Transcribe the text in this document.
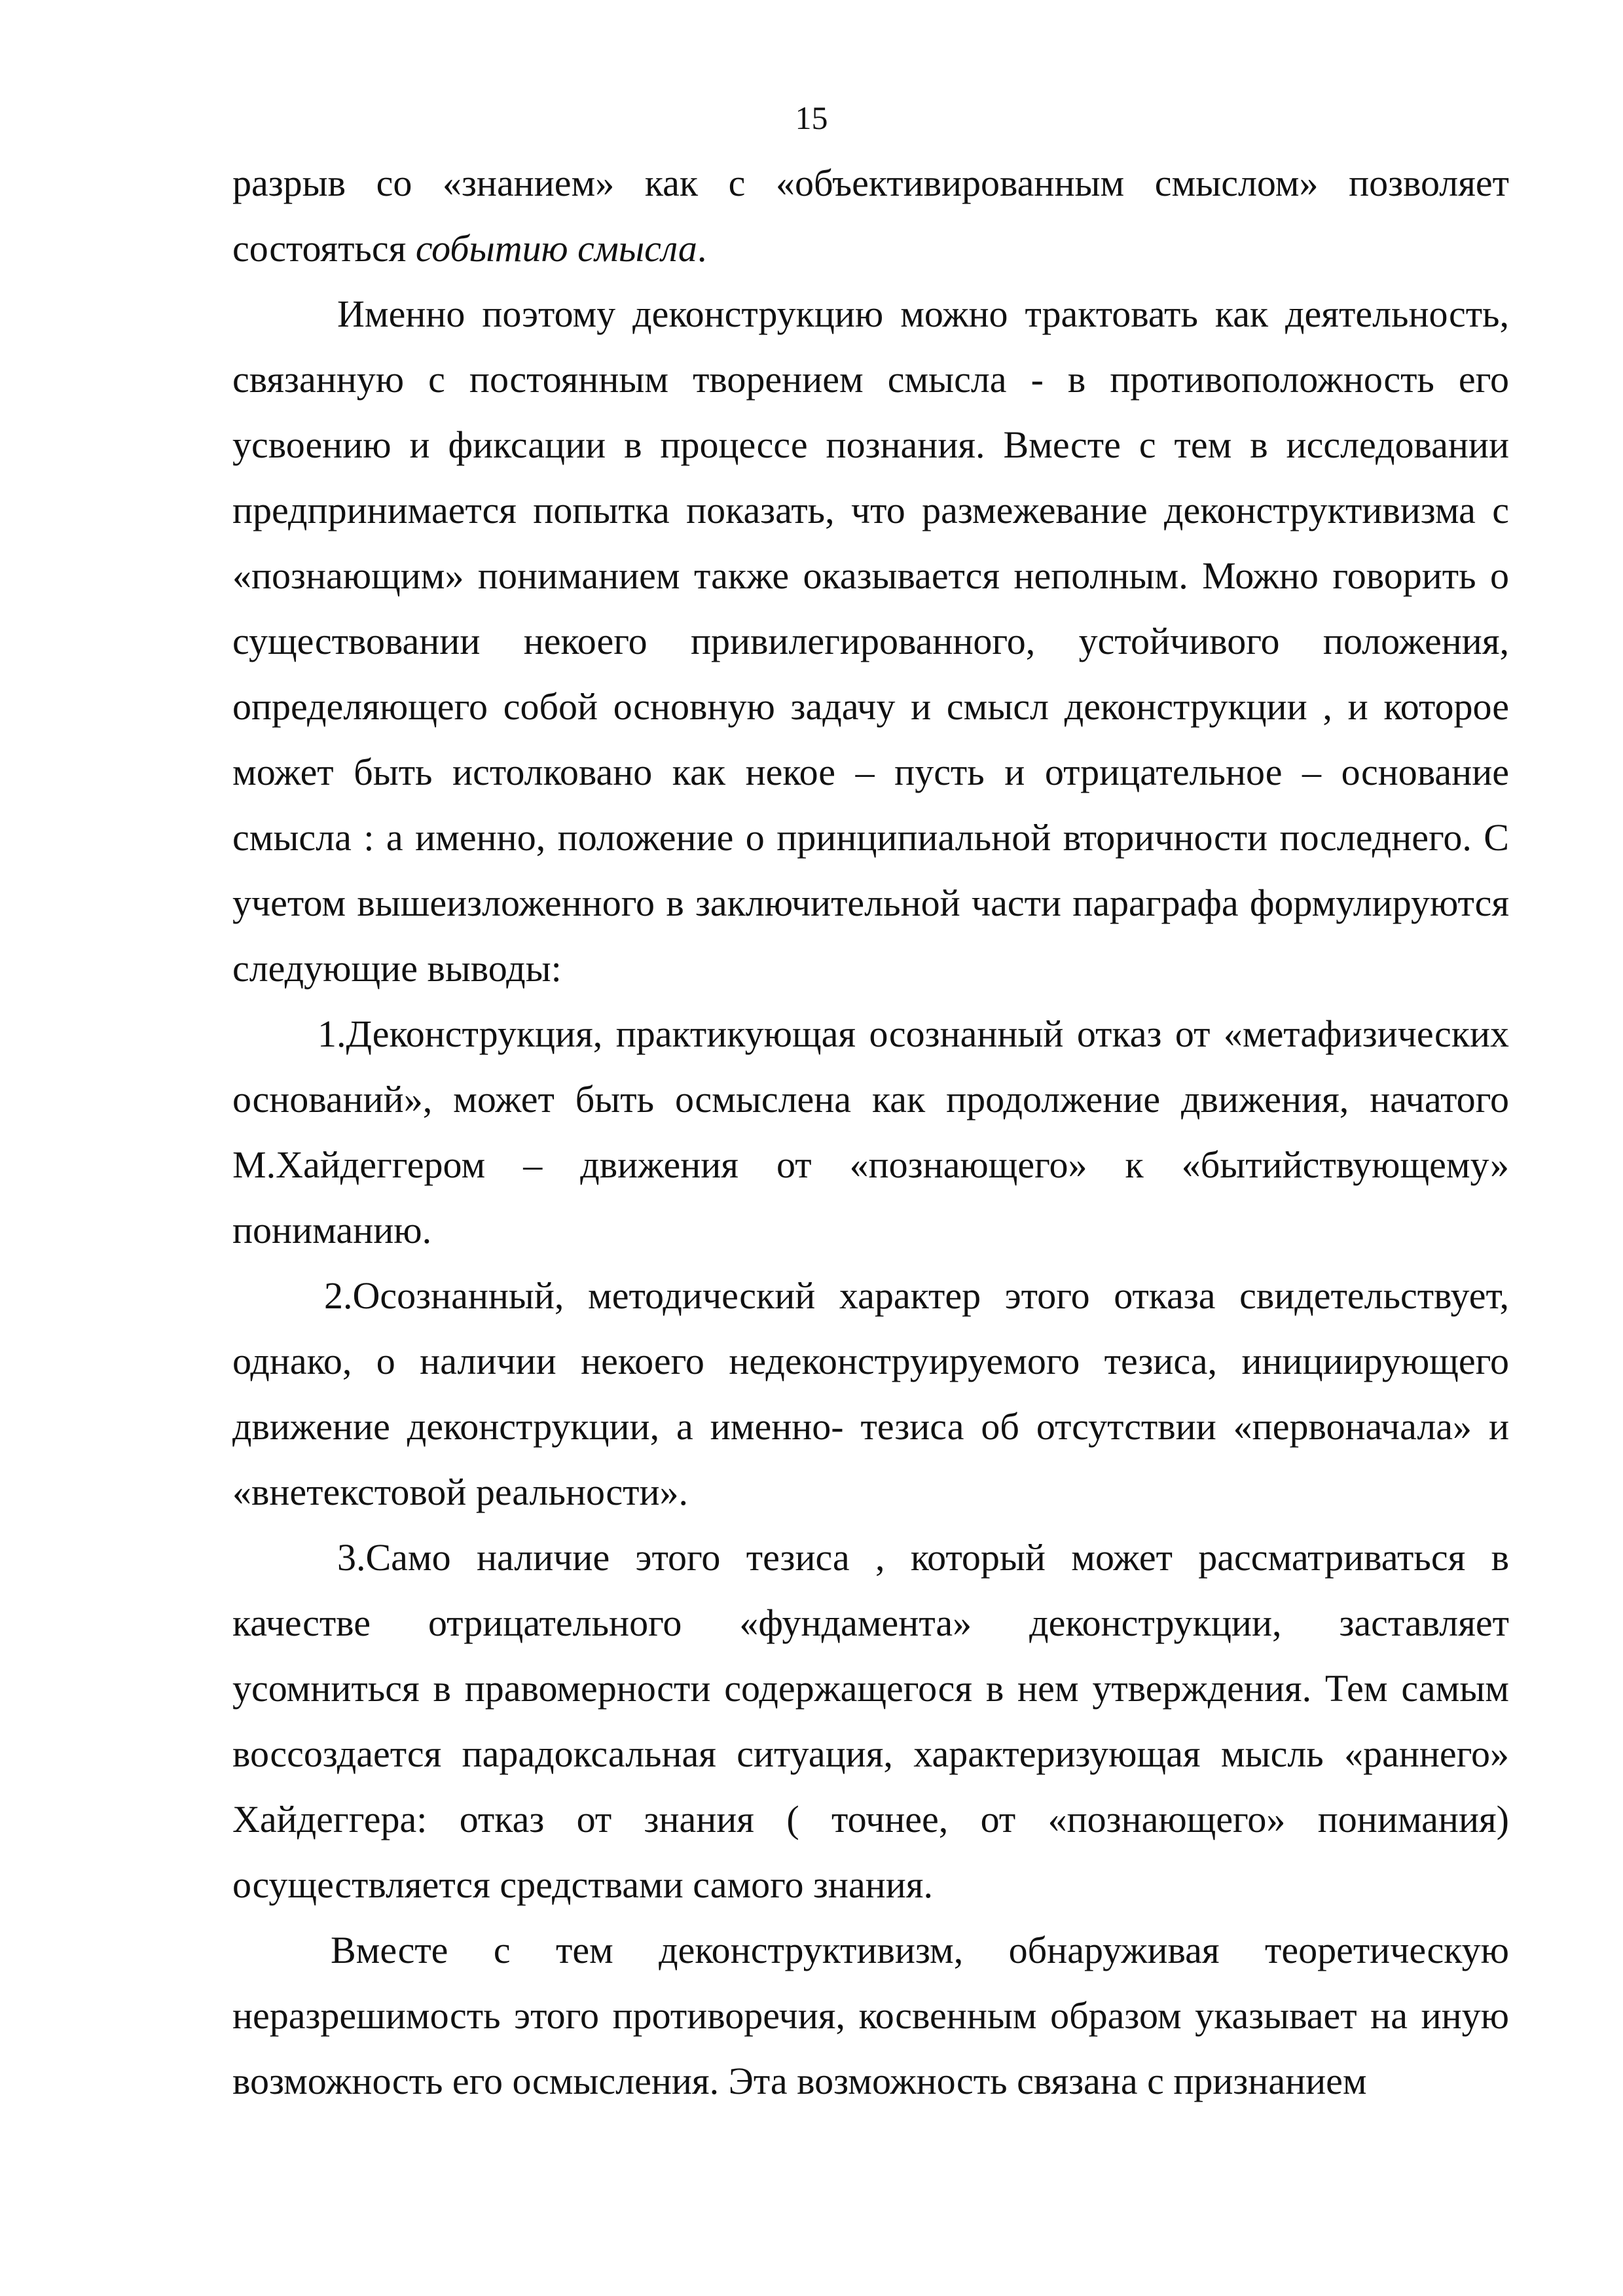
15

разрыв со «знанием» как с «объективированным смыслом» позволяет состояться событию смысла.

Именно поэтому деконструкцию можно трактовать как деятельность, связанную с постоянным творением смысла - в противоположность его усвоению и фиксации в процессе познания. Вместе с тем в исследовании предпринимается попытка показать, что размежевание деконструктивизма с «познающим» пониманием также оказывается неполным. Можно говорить о существовании некоего привилегированного, устойчивого положения, определяющего собой основную задачу и смысл деконструкции , и которое может быть истолковано как некое – пусть и отрицательное – основание смысла : а именно, положение о принципиальной вторичности последнего. С учетом вышеизложенного в заключительной части параграфа формулируются следующие выводы:

1.Деконструкция, практикующая осознанный отказ от «метафизических оснований», может быть осмыслена как продолжение движения, начатого М.Хайдеггером – движения от «познающего» к «бытийствующему» пониманию.

2.Осознанный, методический характер этого отказа свидетельствует, однако, о наличии некоего недеконструируемого тезиса, инициирующего движение деконструкции, а именно- тезиса об отсутствии «первоначала» и «внетекстовой реальности».

3.Само наличие этого тезиса , который может рассматриваться в качестве отрицательного «фундамента» деконструкции, заставляет усомниться в правомерности содержащегося в нем утверждения. Тем самым воссоздается парадоксальная ситуация, характеризующая мысль «раннего» Хайдеггера: отказ от знания ( точнее, от «познающего» понимания) осуществляется средствами самого знания.

Вместе с тем деконструктивизм, обнаруживая теоретическую неразрешимость этого противоречия, косвенным образом указывает на иную возможность его осмысления. Эта возможность связана с признанием
